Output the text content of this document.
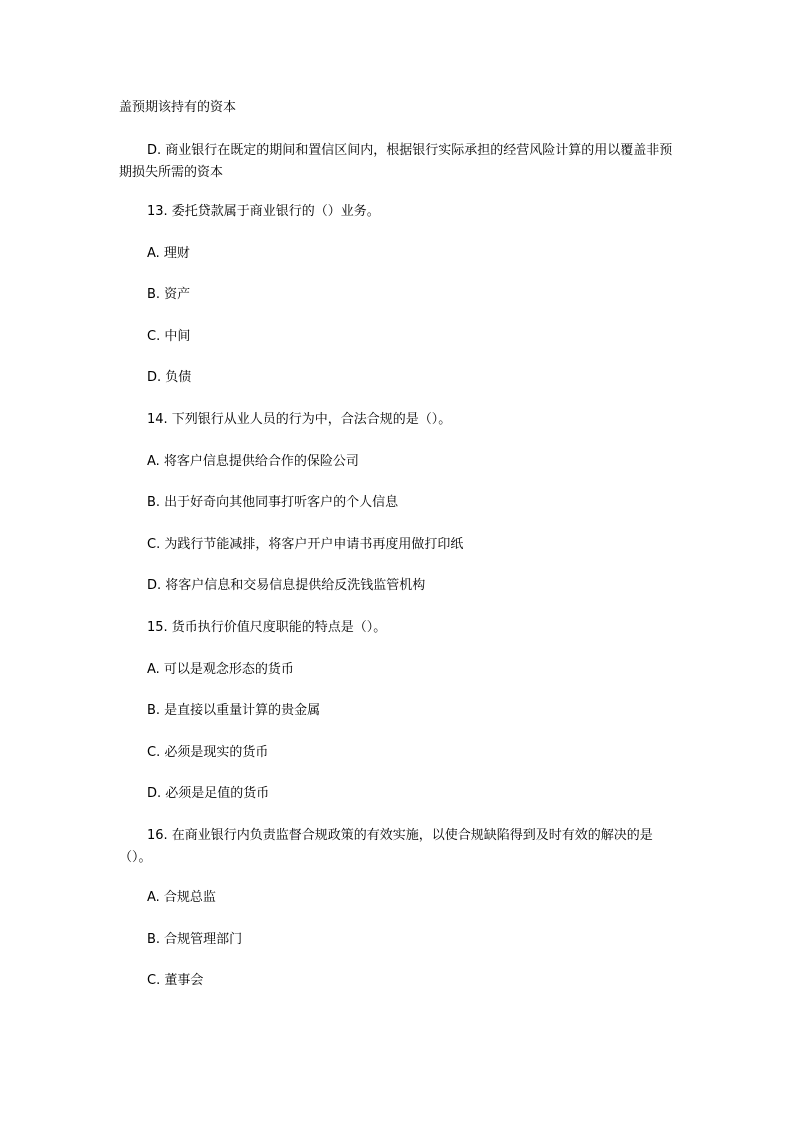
盖预期该持有的资本
D. 商业银行在既定的期间和置信区间内，根据银行实际承担的经营风险计算的用以覆盖非预期损失所需的资本
13. 委托贷款属于商业银行的（）业务。
A. 理财
B. 资产
C. 中间
D. 负债
14. 下列银行从业人员的行为中，合法合规的是（）。
A. 将客户信息提供给合作的保险公司
B. 出于好奇向其他同事打听客户的个人信息
C. 为践行节能减排，将客户开户申请书再度用做打印纸
D. 将客户信息和交易信息提供给反洗钱监管机构
15. 货币执行价值尺度职能的特点是（）。
A. 可以是观念形态的货币
B. 是直接以重量计算的贵金属
C. 必须是现实的货币
D. 必须是足值的货币
16. 在商业银行内负责监督合规政策的有效实施，以使合规缺陷得到及时有效的解决的是（）。
A. 合规总监
B. 合规管理部门
C. 董事会
